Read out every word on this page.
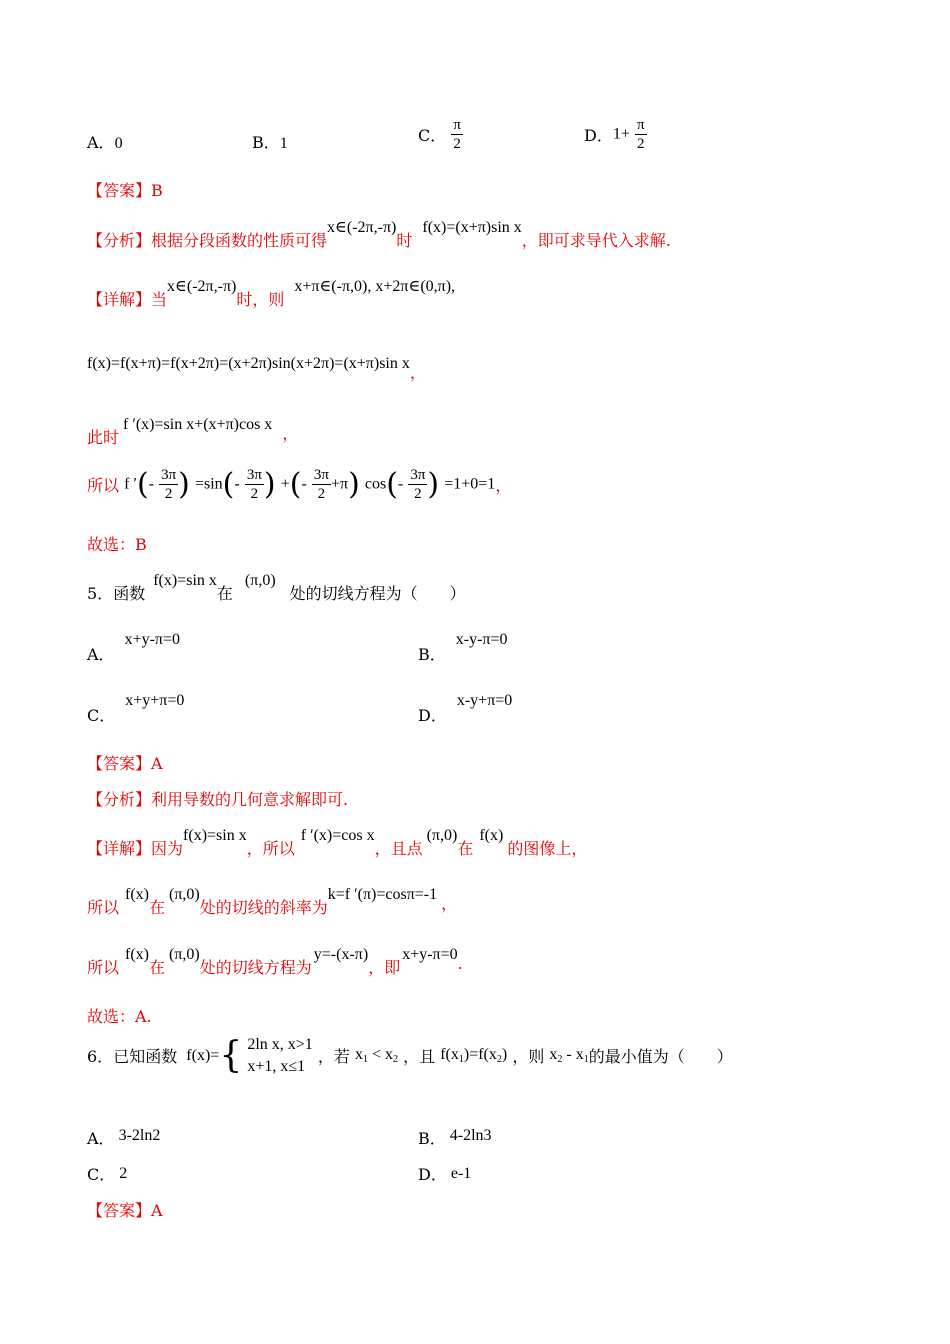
A．0	B．1	C． $\frac{\pi}{2}$	D．$1+ \frac{\pi}{2}$
【答案】B
【分析】根据分段函数的性质可得x∈(-2π,-π)时f(x)=(x+π)sin x，即可求导代入求解.
【详解】当x∈(-2π,-π)时，则x+π∈(-π,0), x+2π∈(0,π),
f(x)=f(x+π)=f(x+2π)=(x+2π)sin(x+2π)=(x+π)sin x，
此时f ′(x)=sin x+(x+π)cos x ，
所以 f ′(- $\frac{3\pi}{2}$ ) $=\sin(- \frac{3\pi}{2}$ ) +(- $\frac{3\pi}{2} +\pi$) $\cos(- \frac{3\pi}{2}$ ) =1+0=1，
故选：B
5．函数f(x)=sin x在(π,0)处的切线方程为（　　）
A．x+y-π=0
B．x-y-π=0
C．x+y+π=0
D．x-y+π=0
【答案】A
【分析】利用导数的几何意求解即可.
【详解】因为f(x)=sin x，所以f ′(x)=cos x，且点(π,0)在f(x)的图像上，
所以f(x)在(π,0)处的切线的斜率为k=f ′(π)=cosπ=-1 ，
所以f(x)在(π,0)处的切线方程为y=-(x-π)，即x+y-π=0.
故选：A.
6．已知函数 f(x)={ 2ln x, x>1
x+1, x≤1 ，若 $x_1 < x_2$ ，且 $f(x_1)=f(x_2)$ ，则 $x_2 - x_1$的最小值为（　　）
A． 3-2ln2	B． 4-2ln3
C． 2	D． e-1
【答案】A
